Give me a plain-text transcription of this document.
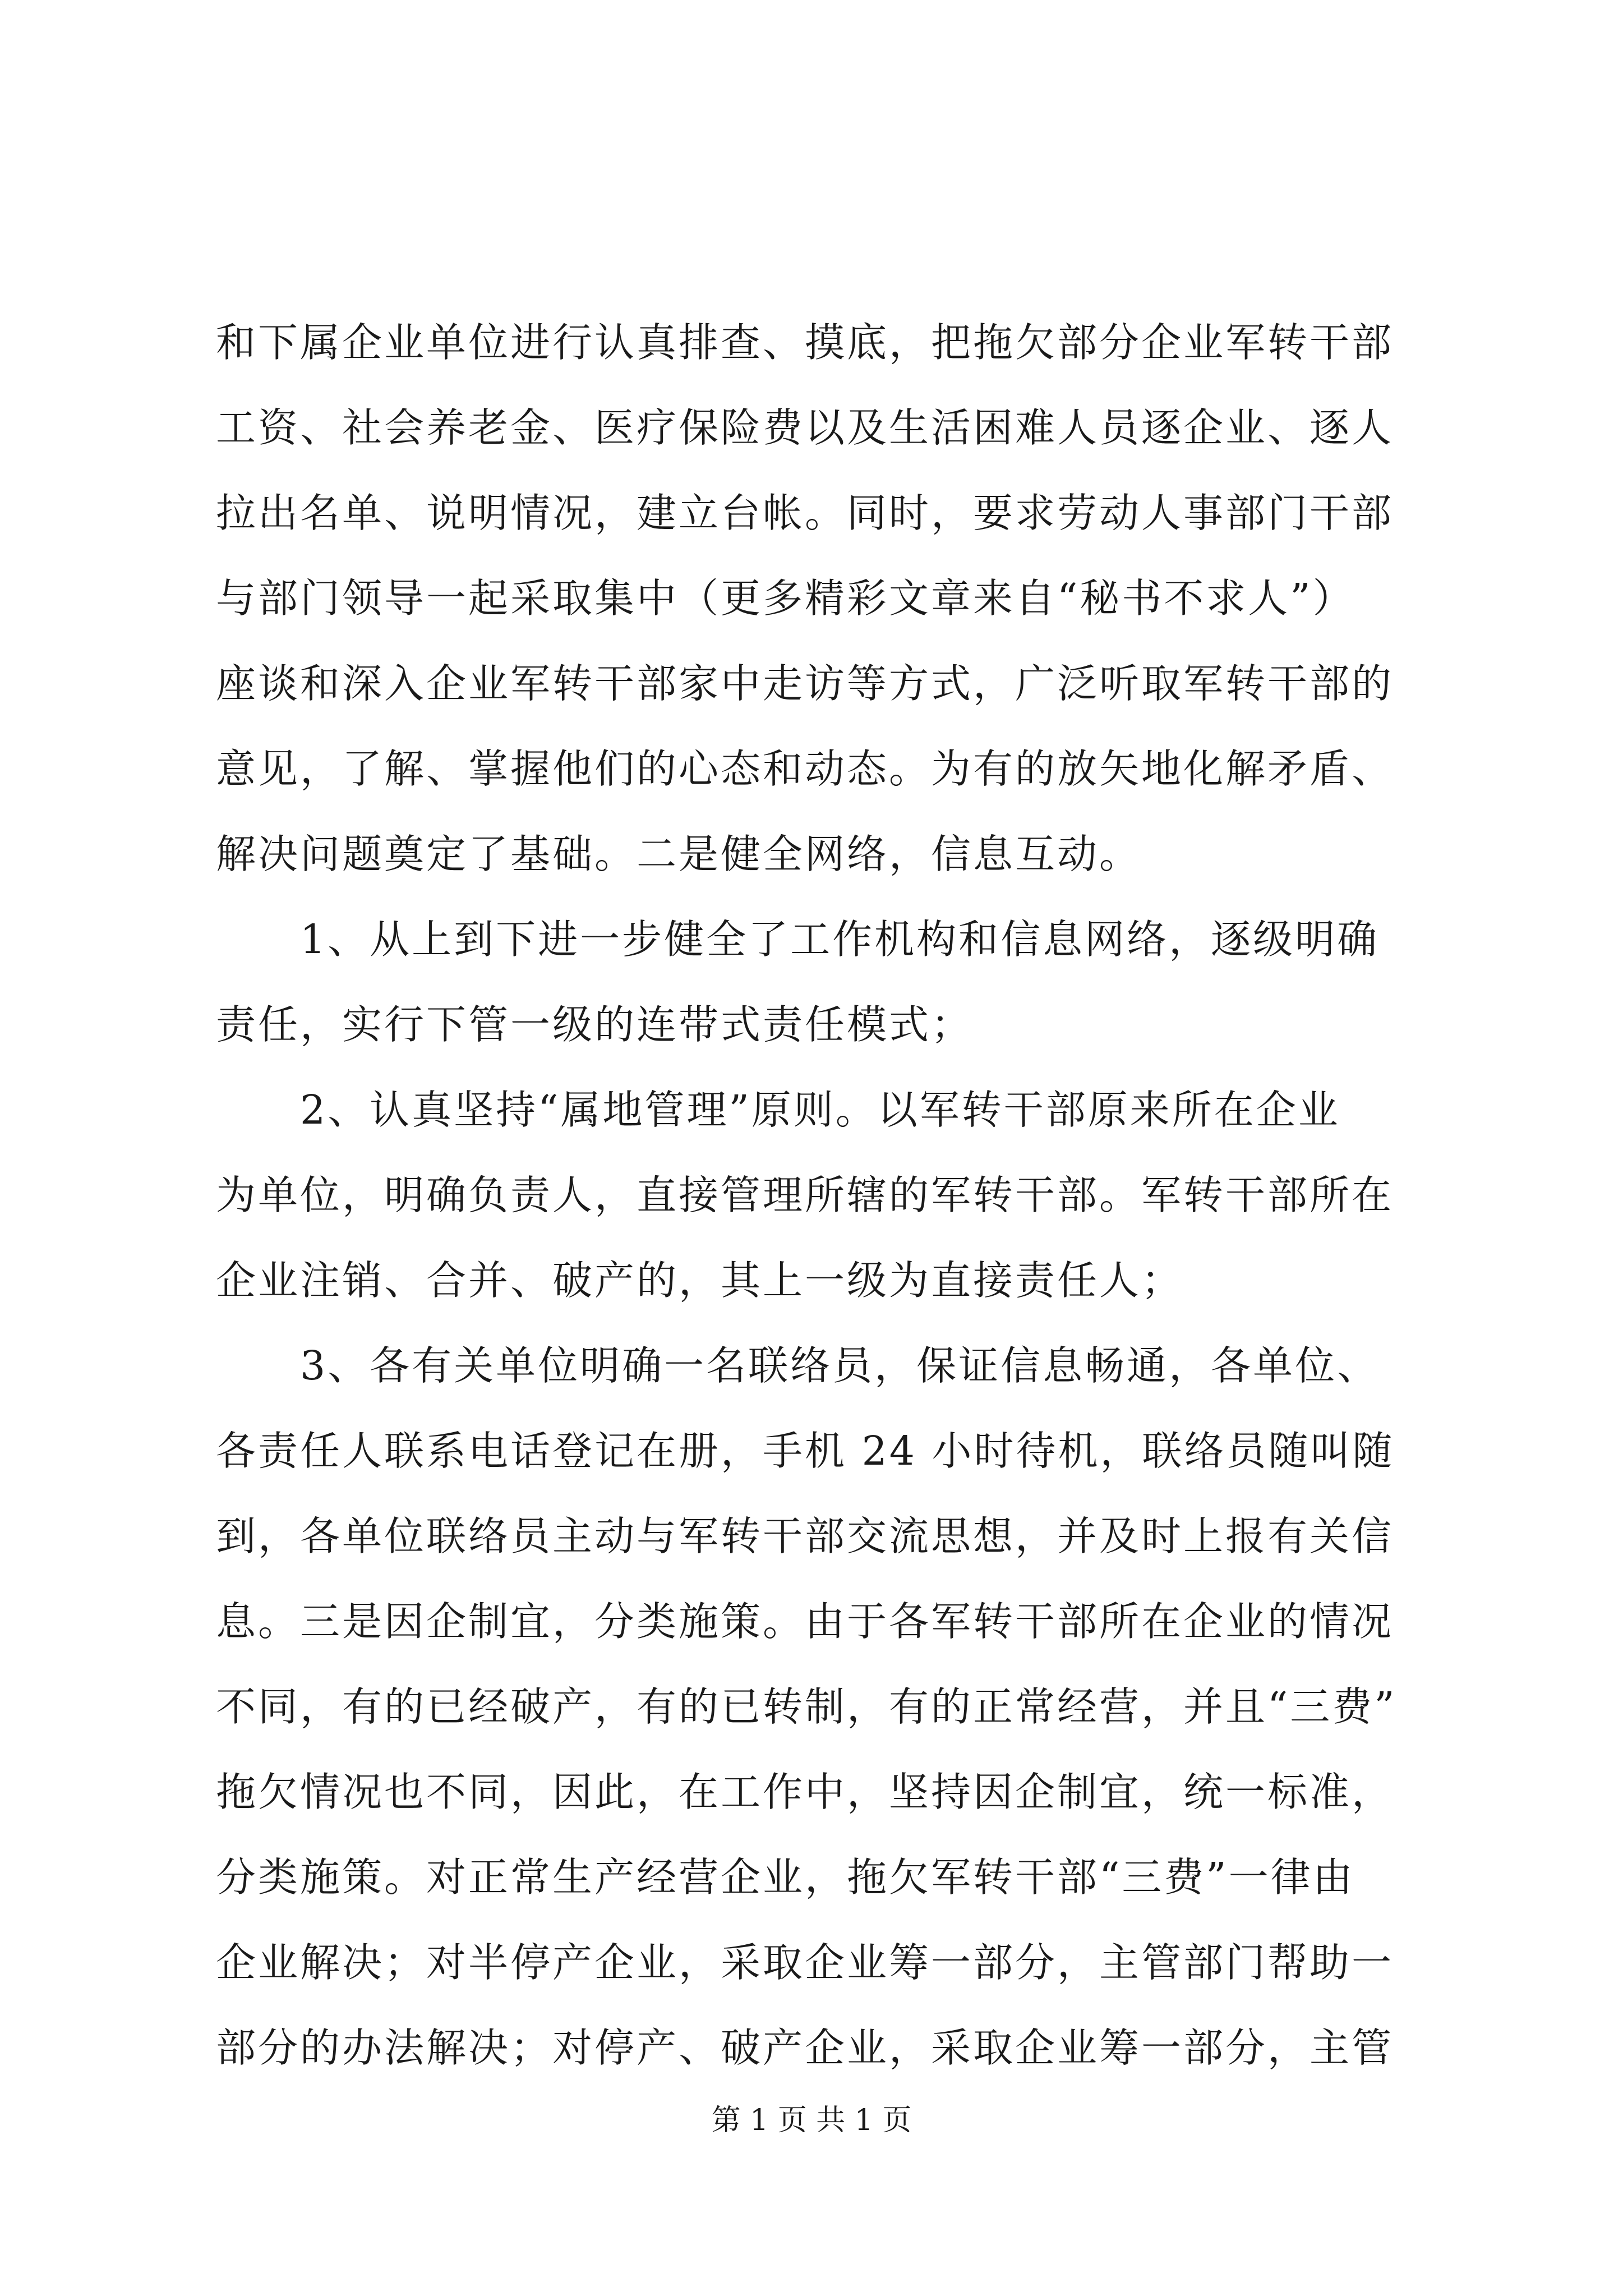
和下属企业单位进行认真排查、摸底，把拖欠部分企业军转干部
工资、社会养老金、医疗保险费以及生活困难人员逐企业、逐人
拉出名单、说明情况，建立台帐。同时，要求劳动人事部门干部
与部门领导一起采取集中（更多精彩文章来自“秘书不求人”）
座谈和深入企业军转干部家中走访等方式，广泛听取军转干部的
意见，了解、掌握他们的心态和动态。为有的放矢地化解矛盾、
解决问题奠定了基础。二是健全网络，信息互动。
1、从上到下进一步健全了工作机构和信息网络，逐级明确
责任，实行下管一级的连带式责任模式；
2、认真坚持“属地管理”原则。以军转干部原来所在企业
为单位，明确负责人，直接管理所辖的军转干部。军转干部所在
企业注销、合并、破产的，其上一级为直接责任人；
3、各有关单位明确一名联络员，保证信息畅通，各单位、
各责任人联系电话登记在册，手机 24 小时待机，联络员随叫随
到，各单位联络员主动与军转干部交流思想，并及时上报有关信
息。三是因企制宜，分类施策。由于各军转干部所在企业的情况
不同，有的已经破产，有的已转制，有的正常经营，并且“三费”
拖欠情况也不同，因此，在工作中，坚持因企制宜，统一标准，
分类施策。对正常生产经营企业，拖欠军转干部“三费”一律由
企业解决；对半停产企业，采取企业筹一部分，主管部门帮助一
部分的办法解决；对停产、破产企业，采取企业筹一部分，主管
第 1 页 共 1 页
